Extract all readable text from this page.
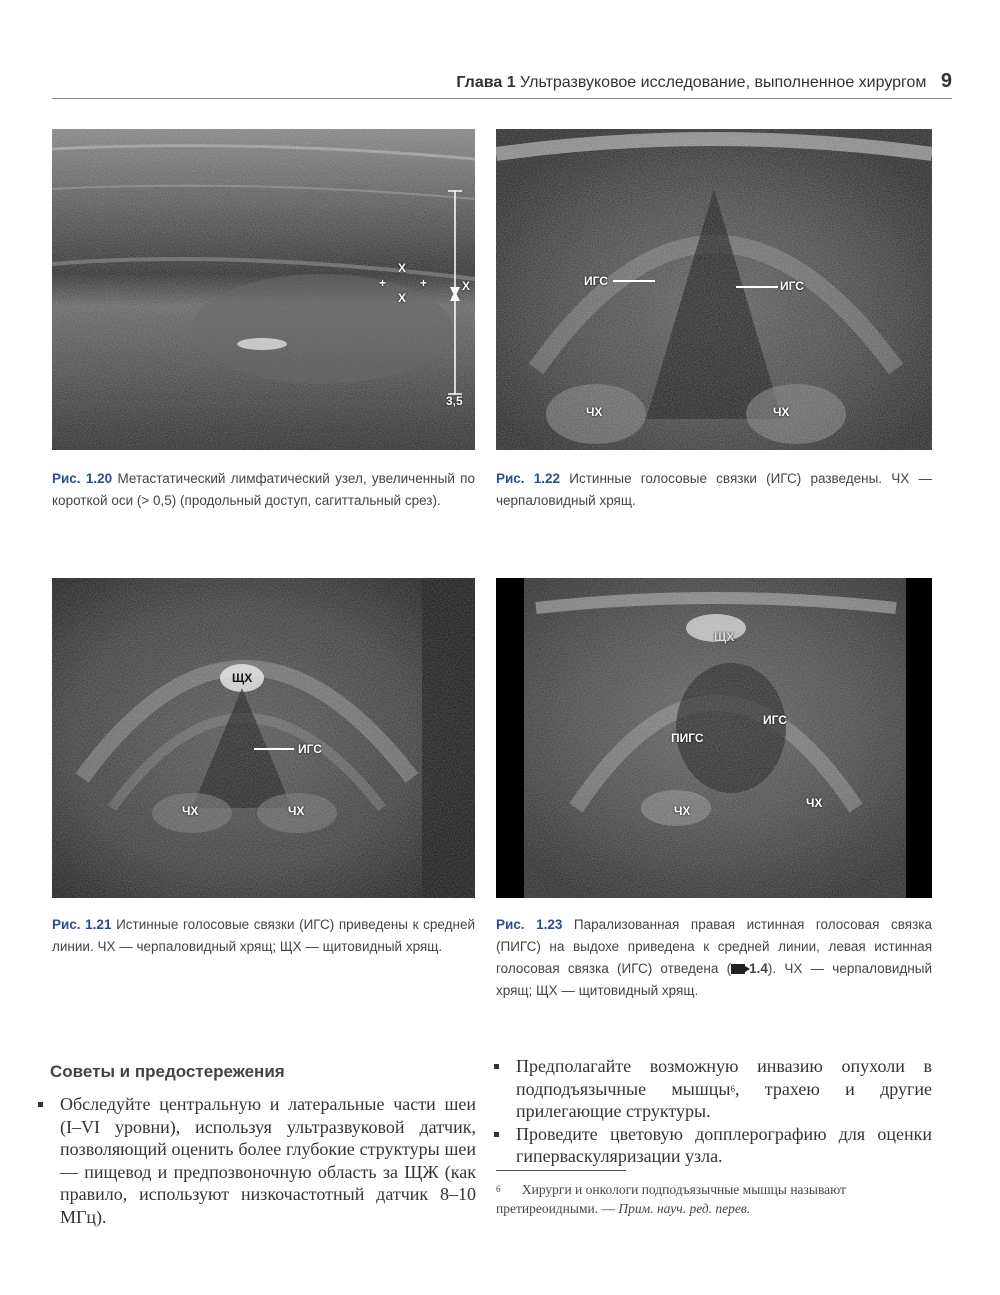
Глава 1 Ультразвуковое исследование, выполненное хирургом 9
X
X
+	+	X
3,5
Рис. 1.20 Метастатический лимфатический узел, увеличенный по короткой оси (> 0,5) (продольный доступ, сагиттальный срез).
ИГС	ИГС
ЧХ	ЧХ
Рис. 1.22 Истинные голосовые связки (ИГС) разведены. ЧХ — черпаловидный хрящ.
ЩХ
ИГС
ЧХ	ЧХ
Рис. 1.21 Истинные голосовые связки (ИГС) приведены к средней линии. ЧХ — черпаловидный хрящ; ЩХ — щитовидный хрящ.
ЩХ
ПИГС
ИГС
ЧХ
ЧХ
Рис. 1.23 Парализованная правая истинная голосовая связка (ПИГС) на выдохе приведена к средней линии, левая истинная голосовая связка (ИГС) отведена ( 1.4). ЧХ — черпаловидный хрящ; ЩХ — щитовидный хрящ.
Советы и предостережения
Обследуйте центральную и латеральные части шеи (I–VI уровни), используя ультразвуковой датчик, позволяющий оценить более глубокие структуры шеи — пищевод и предпозвоночную область за ЩЖ (как правило, используют низкочастотный датчик 8–10 МГц).
Предполагайте возможную инвазию опухоли в подподъязычные мышцы$^6$, трахею и другие прилегающие структуры.
Проведите цветовую допплерографию для оценки гиперваскуляризации узла.
$^6$ Хирурги и онкологи подподъязычные мышцы называют претиреоидными. — Прим. науч. ред. перев.
